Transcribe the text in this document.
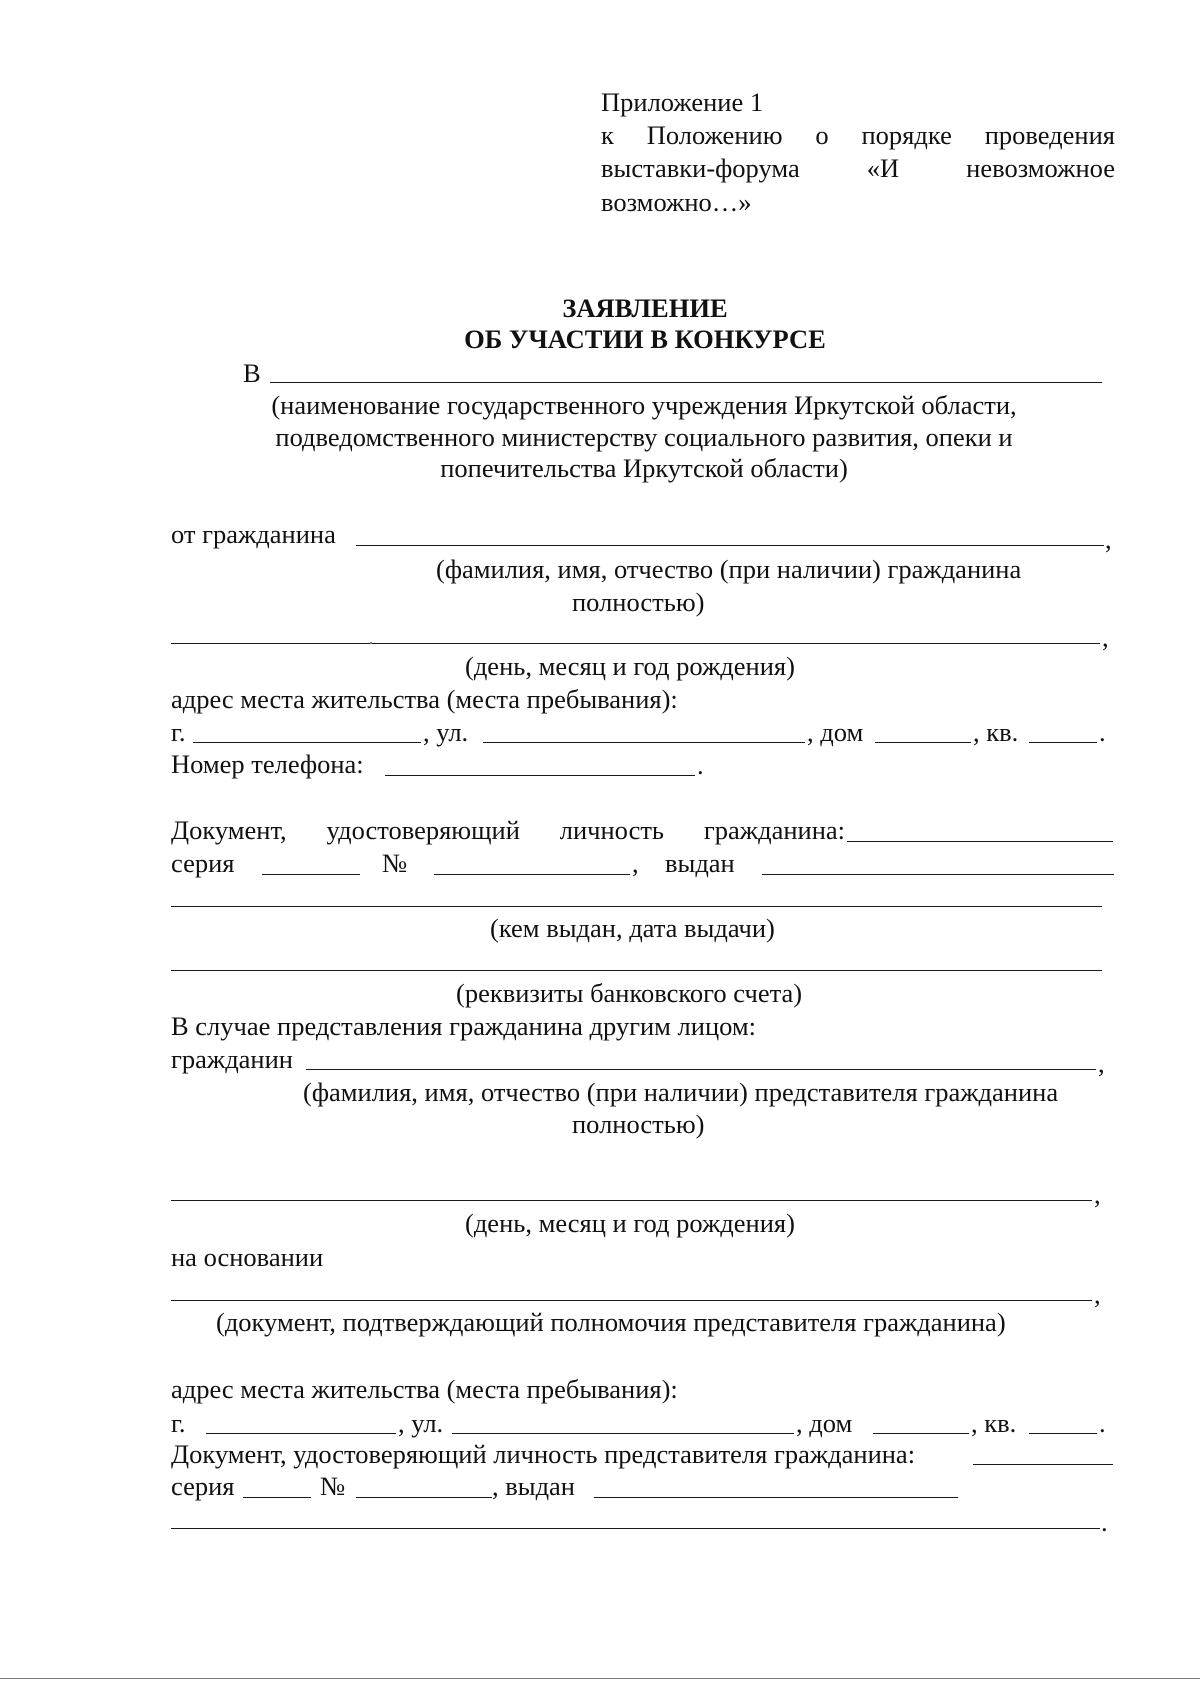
Приложение 1
к Положению о порядке проведения
выставки-форума	«И	невозможное
возможно…»
ЗАЯВЛЕНИЕ
ОБ УЧАСТИИ В КОНКУРСЕ
В
(наименование государственного учреждения Иркутской области,
подведомственного министерству социального развития, опеки и
попечительства Иркутской области)
от гражданина	,
(фамилия, имя, отчество (при наличии) гражданина
полностью)
,
(день, месяц и год рождения)
адрес места жительства (места пребывания):
г.	, ул.	, дом	, кв.	.
Номер телефона:	.
Документ, удостоверяющий личность гражданина:
серия	№	, выдан
(кем выдан, дата выдачи)
(реквизиты банковского счета)
В случае представления гражданина другим лицом:
гражданин	,
(фамилия, имя, отчество (при наличии) представителя гражданина
полностью)
,
(день, месяц и год рождения)
на основании
,
(документ, подтверждающий полномочия представителя гражданина)
адрес места жительства (места пребывания):
г.	, ул.	, дом	, кв.	.
Документ, удостоверяющий личность представителя гражданина:
серия	№	, выдан
.
